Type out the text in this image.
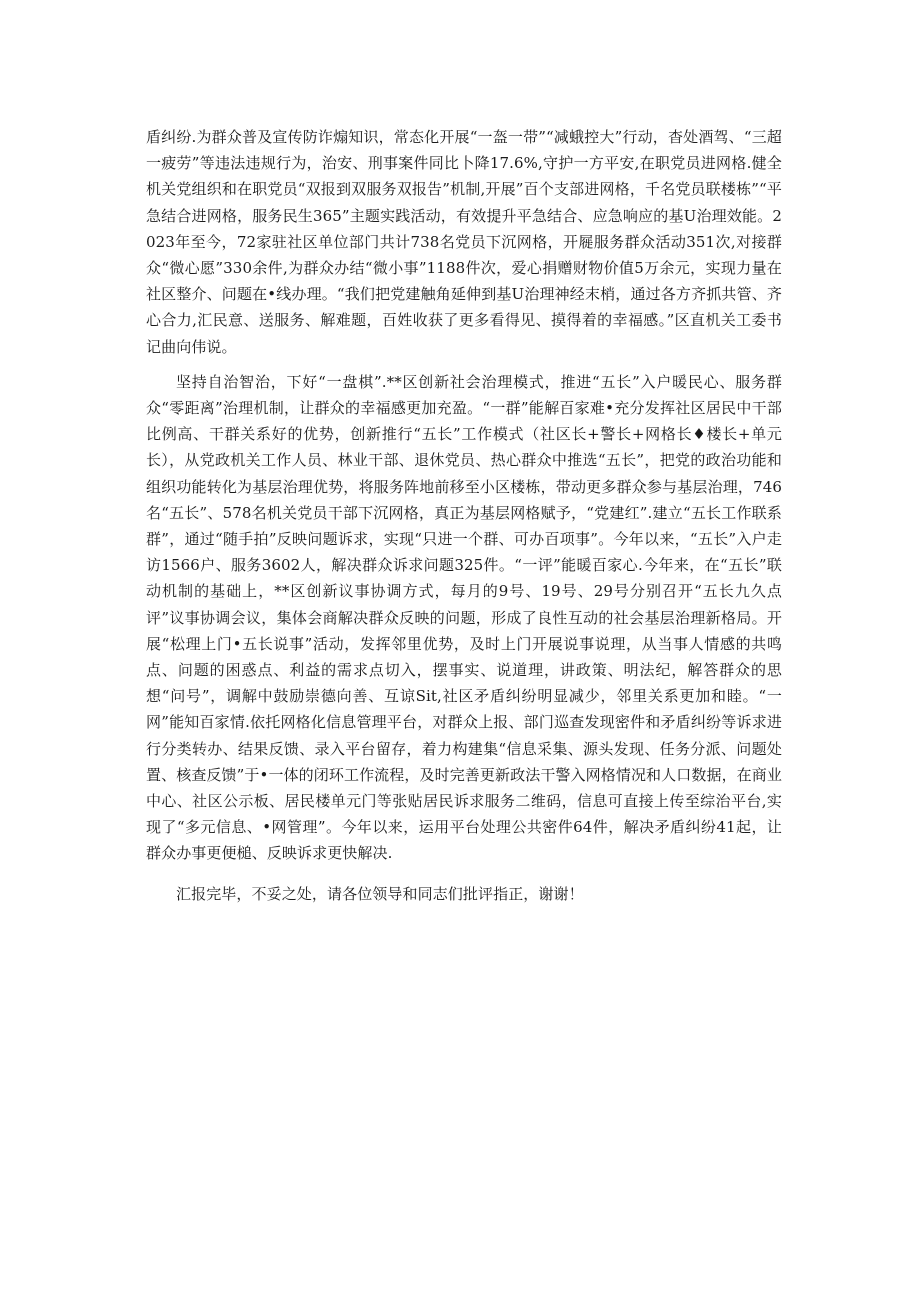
盾纠纷.为群众普及宣传防诈煽知识，常态化开展“一盔一带”“减蛾控大”行动，杳处酒驾、“三超一疲劳”等违法违规行为，治安、刑事案件同比卜降17.6%,守护一方平安,在职党员进网格.健全机关党组织和在职党员“双报到双服务双报告”机制,开展”百个支部进网格，千名党员联楼栋”“平急结合进网格，服务民生365”主题实践活动，有效提升平急结合、应急响应的基U治理效能。2023年至今，72家驻社区单位部门共计738名党员下沉网格，开屣服务群众活动351次,对接群众“微心愿”330余件,为群众办结“微小事”1188件次，爱心捐赠财物价值5万余元，实现力量在社区整介、问题在•线办理。“我们把党建触角延伸到基U治理神经末梢，通过各方齐抓共管、齐心合力,汇民意、送服务、解难题，百姓收获了更多看得见、摸得着的幸福感。”区直机关工委书记曲向伟说。

坚持自治智治，下好“一盘棋”.**区创新社会治理模式，推进“五长”入户暖民心、服务群众“零距离”治理机制，让群众的幸福感更加充盈。“一群”能解百家难•充分发挥社区居民中干部比例高、干群关系好的优势，创新推行“五长”工作模式（社区长+警长+网格长♦楼长+单元长），从党政机关工作人员、林业干部、退休党员、热心群众中推选“五长”，把党的政治功能和组织功能转化为基层治理优势，将服务阵地前移至小区楼栋，带动更多群众参与基层治理，746名“五长”、578名机关党员干部下沉网格，真正为基层网格赋予，“党建红”.建立“五长工作联系群”，通过“随手拍”反映问题诉求，实现“只进一个群、可办百项事”。今年以来，“五长”入户走访1566户、服务3602人，解决群众诉求问题325件。“一评”能暖百家心.今年来，在“五长”联动机制的基础上，**区创新议事协调方式，每月的9号、19号、29号分别召开“五长九久点评”议事协调会议，集体会商解决群众反映的问题，形成了良性互动的社会基层治理新格局。开展“松理上门•五长说事”活动，发挥邻里优势，及时上门开展说事说理，从当事人情感的共鸣点、问题的困惑点、利益的需求点切入，摆事实、说道理，讲政策、明法纪，解答群众的思想“问号”，调解中鼓励崇德向善、互谅Sit,社区矛盾纠纷明显减少，邻里关系更加和睦。“一网”能知百家情.依托网格化信息管理平台，对群众上报、部门巡查发现密件和矛盾纠纷等诉求进行分类转办、结果反馈、录入平台留存，着力构建集“信息采集、源头发现、任务分派、问题处置、核查反馈”于•一体的闭环工作流程，及时完善更新政法干警入网格情况和人口数据，在商业中心、社区公示板、居民楼单元门等张贴居民诉求服务二维码，信息可直接上传至综治平台,实现了“多元信息、•网管理”。今年以来，运用平台处理公共密件64件，解决矛盾纠纷41起，让群众办事更便槌、反映诉求更快解决.

汇报完毕，不妥之处，请各位领导和同志们批评指正，谢谢！
